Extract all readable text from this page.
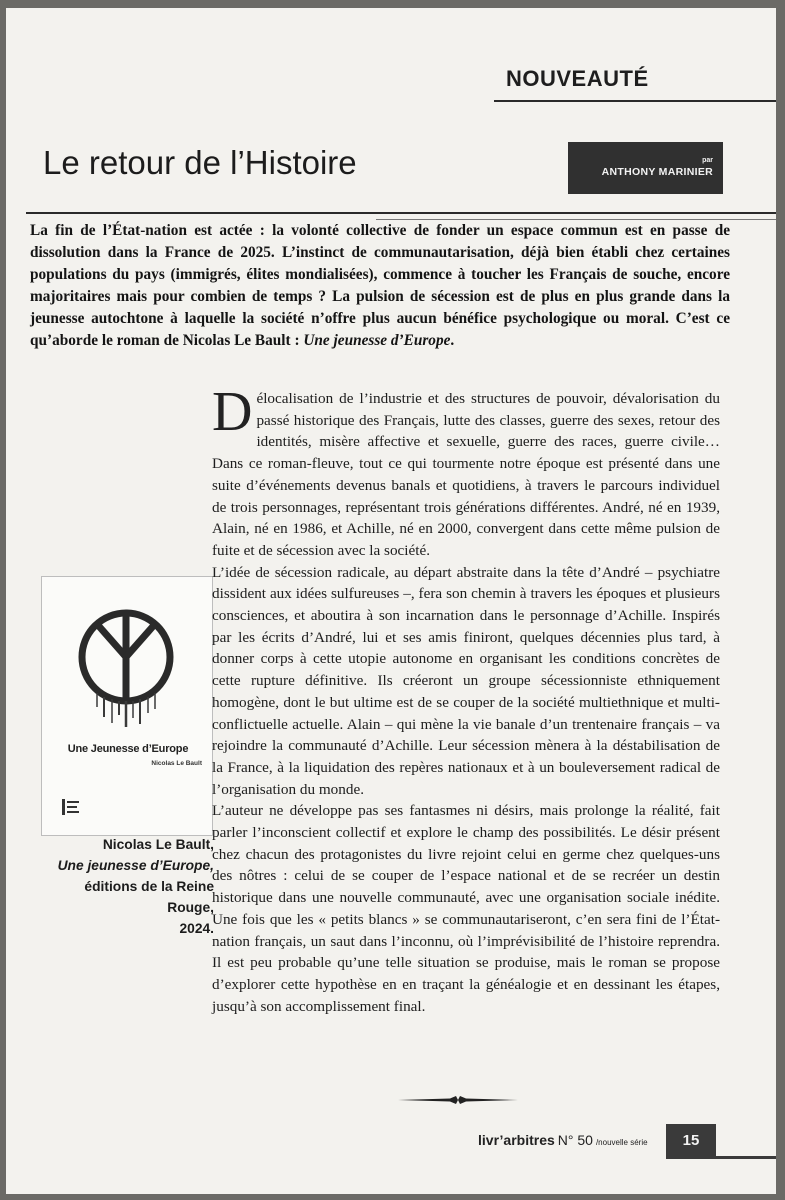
NOUVEAUTÉ
Le retour de l’Histoire	par
ANTHONY MARINIER
La fin de l’État-nation est actée : la volonté collective de fonder un espace commun est en passe de dissolution dans la France de 2025. L’instinct de communautarisation, déjà bien établi chez certaines populations du pays (immigrés, élites mondialisées), commence à toucher les Français de souche, encore majoritaires mais pour combien de temps ? La pulsion de sécession est de plus en plus grande dans la jeunesse autochtone à laquelle la société n’offre plus aucun bénéfice psychologique ou moral. C’est ce qu’aborde le roman de Nicolas Le Bault : Une jeunesse d’Europe.
Une Jeunesse d’Europe
Nicolas Le Bault
Nicolas Le Bault,
Une jeunesse d’Europe,
éditions de la Reine Rouge,
2024.

Délocalisation de l’industrie et des structures de pouvoir, dévalorisation du passé historique des Français, lutte des classes, guerre des sexes, retour des identités, misère affective et sexuelle, guerre des races, guerre civile… Dans ce roman-fleuve, tout ce qui tourmente notre époque est présenté dans une suite d’événements devenus banals et quotidiens, à travers le parcours individuel de trois personnages, représentant trois générations différentes. André, né en 1939, Alain, né en 1986, et Achille, né en 2000, convergent dans cette même pulsion de fuite et de sécession avec la société.

L’idée de sécession radicale, au départ abstraite dans la tête d’André – psychiatre dissident aux idées sulfureuses –, fera son chemin à travers les époques et plusieurs consciences, et aboutira à son incarnation dans le personnage d’Achille. Inspirés par les écrits d’André, lui et ses amis finiront, quelques décennies plus tard, à donner corps à cette utopie autonome en organisant les conditions concrètes de cette rupture définitive. Ils créeront un groupe sécessionniste ethniquement homogène, dont le but ultime est de se couper de la société multiethnique et multi-conflictuelle actuelle. Alain – qui mène la vie banale d’un trentenaire français – va rejoindre la communauté d’Achille. Leur sécession mènera à la déstabilisation de la France, à la liquidation des repères nationaux et à un bouleversement radical de l’organisation du monde.

L’auteur ne développe pas ses fantasmes ni désirs, mais prolonge la réalité, fait parler l’inconscient collectif et explore le champ des possibilités. Le désir présent chez chacun des protagonistes du livre rejoint celui en germe chez quelques-uns des nôtres : celui de se couper de l’espace national et de se recréer un destin historique dans une nouvelle communauté, avec une organisation sociale inédite. Une fois que les « petits blancs » se communautariseront, c’en sera fini de l’État-nation français, un saut dans l’inconnu, où l’imprévisibilité de l’histoire reprendra. Il est peu probable qu’une telle situation se produise, mais le roman se propose d’explorer cette hypothèse en en traçant la généalogie et en dessinant les étapes, jusqu’à son accomplissement final.

livr’arbitres N° 50 /nouvelle série	15
